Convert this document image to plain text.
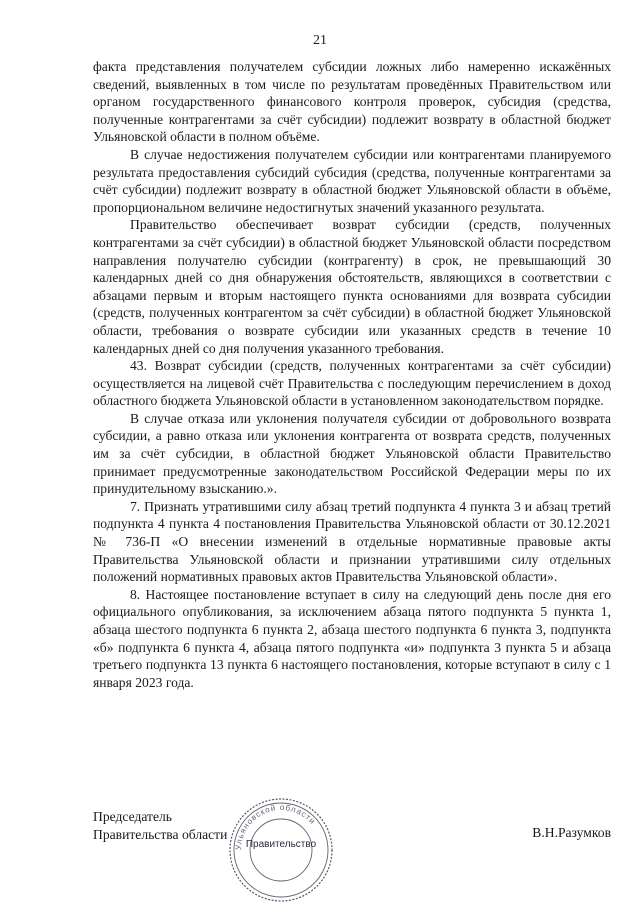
21

факта представления получателем субсидии ложных либо намеренно искажённых сведений, выявленных в том числе по результатам проведённых Правительством или органом государственного финансового контроля проверок, субсидия (средства, полученные контрагентами за счёт субсидии) подлежит возврату в областной бюджет Ульяновской области в полном объёме.

В случае недостижения получателем субсидии или контрагентами планируемого результата предоставления субсидий субсидия (средства, полученные контрагентами за счёт субсидии) подлежит возврату в областной бюджет Ульяновской области в объёме, пропорциональном величине недостигнутых значений указанного результата.

Правительство обеспечивает возврат субсидии (средств, полученных контрагентами за счёт субсидии) в областной бюджет Ульяновской области посредством направления получателю субсидии (контрагенту) в срок, не превышающий 30 календарных дней со дня обнаружения обстоятельств, являющихся в соответствии с абзацами первым и вторым настоящего пункта основаниями для возврата субсидии (средств, полученных контрагентом за счёт субсидии) в областной бюджет Ульяновской области, требования о возврате субсидии или указанных средств в течение 10 календарных дней со дня получения указанного требования.

43. Возврат субсидии (средств, полученных контрагентами за счёт субсидии) осуществляется на лицевой счёт Правительства с последующим перечислением в доход областного бюджета Ульяновской области в установленном законодательством порядке.

В случае отказа или уклонения получателя субсидии от добровольного возврата субсидии, а равно отказа или уклонения контрагента от возврата средств, полученных им за счёт субсидии, в областной бюджет Ульяновской области Правительство принимает предусмотренные законодательством Российской Федерации меры по их принудительному взысканию.».

7. Признать утратившими силу абзац третий подпункта 4 пункта 3 и абзац третий подпункта 4 пункта 4 постановления Правительства Ульяновской области от 30.12.2021 № 736-П «О внесении изменений в отдельные нормативные правовые акты Правительства Ульяновской области и признании утратившими силу отдельных положений нормативных правовых актов Правительства Ульяновской области».

8. Настоящее постановление вступает в силу на следующий день после дня его официального опубликования, за исключением абзаца пятого подпункта 5 пункта 1, абзаца шестого подпункта 6 пункта 2, абзаца шестого подпункта 6 пункта 3, подпункта «б» подпункта 6 пункта 4, абзаца пятого подпункта «и» подпункта 3 пункта 5 и абзаца третьего подпункта 13 пункта 6 настоящего постановления, которые вступают в силу с 1 января 2023 года.

Председатель
Правительства области	В.Н.Разумков
Ульяновской области
Правительство
